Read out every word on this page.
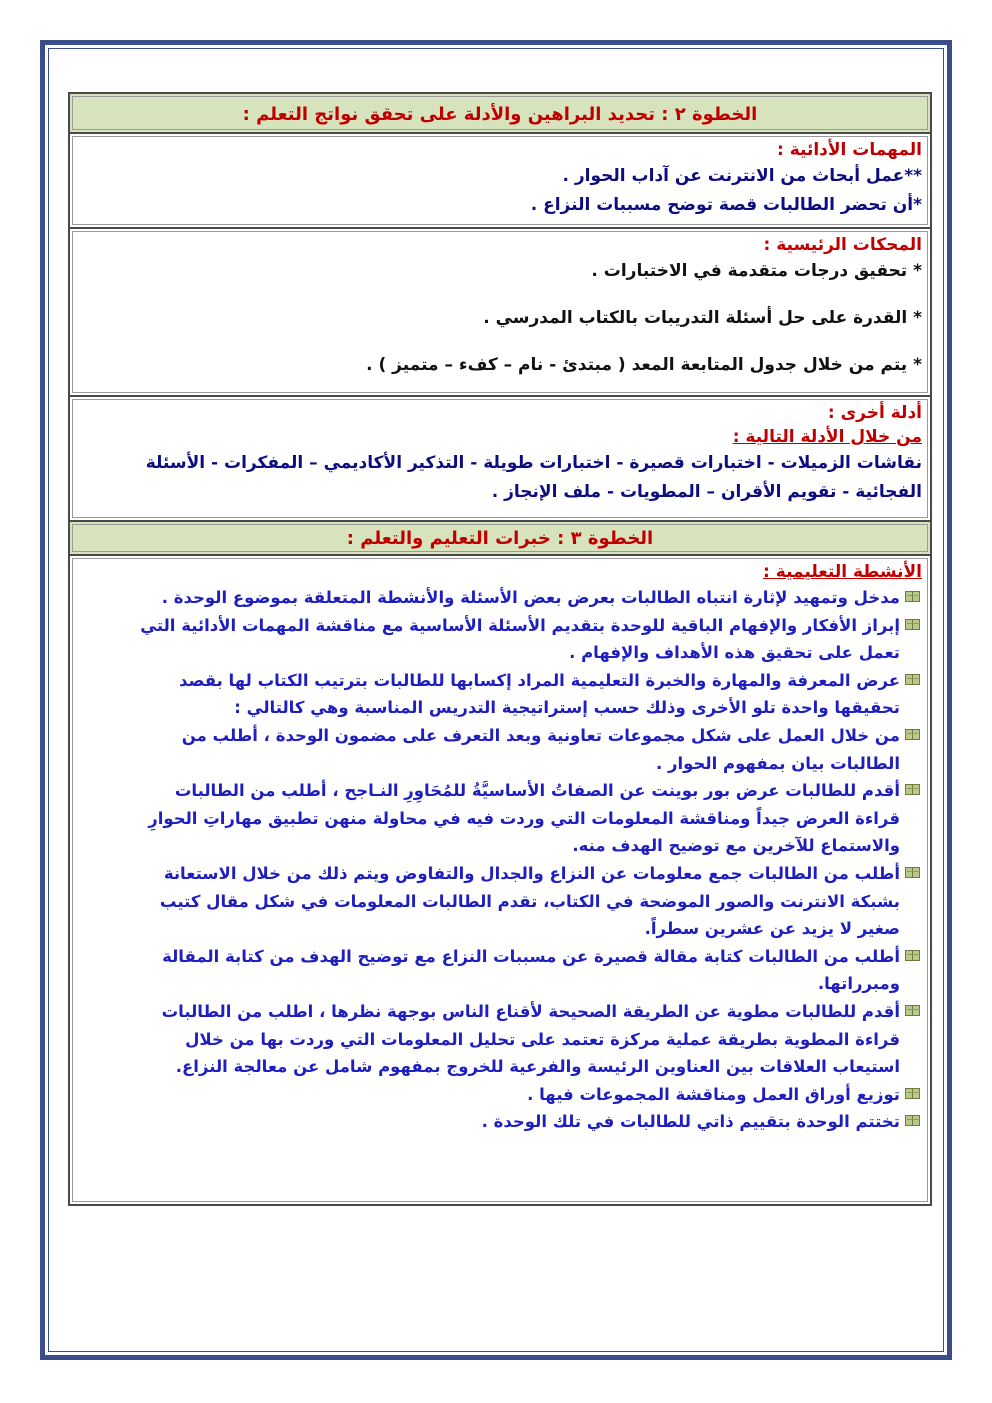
الخطوة ٢ : تحديد البراهين والأدلة على تحقق نواتج التعلم :
المهمات الأدائية :
**عمل أبحاث من الانترنت عن آداب الحوار .
*أن تحضر الطالبات قصة توضح مسببات النزاع .
المحكات الرئيسية :
* تحقيق درجات متقدمة في الاختبارات .
* القدرة على حل أسئلة التدريبات بالكتاب المدرسي .
* يتم من خلال جدول المتابعة المعد ( مبتدئ - نام – كفء – متميز ) .
أدلة أخرى :
من خلال الأدلة التالية :
نقاشات الزميلات - اختبارات قصيرة - اختبارات طويلة - التذكير الأكاديمي – المفكرات - الأسئلة
الفجائية - تقويم الأقران – المطويات - ملف الإنجاز .
الخطوة ٣ : خبرات التعليم والتعلم :
الأنشطة التعليمية :
مدخل وتمهيد لإثارة انتباه الطالبات بعرض بعض الأسئلة والأنشطة المتعلقة بموضوع الوحدة .
إبراز الأفكار والإفهام الباقية للوحدة بتقديم الأسئلة الأساسية مع مناقشة المهمات الأدائية التي
تعمل على تحقيق هذه الأهداف والإفهام .
عرض المعرفة والمهارة والخبرة التعليمية المراد إكسابها للطالبات بترتيب الكتاب لها بقصد
تحقيقها واحدة تلو الأخرى وذلك حسب إستراتيجية التدريس المناسبة وهي كالتالي :
من خلال العمل على شكل مجموعات تعاونية وبعد التعرف على مضمون الوحدة ، أطلب من
الطالبات بيان بمفهوم الحوار .
أقدم للطالبات عرض بور بوينت عن الصفاتُ الأساسيَّةُ للمُحَاوِرِ النـاجح ، أطلب من الطالبات
قراءة العرض جيداً ومناقشة المعلومات التي وردت فيه في محاولة منهن تطبيق مهاراتِ الحوارِ
والاستماع للآخرين مع توضيح الهدف منه.
أطلب من الطالبات جمع معلومات عن النزاع والجدال والتفاوض ويتم ذلك من خلال الاستعانة
بشبكة الانترنت والصور الموضحة في الكتاب، تقدم الطالبات المعلومات في شكل مقال كتيب
صغير لا يزيد عن عشرين سطراً.
أطلب من الطالبات كتابة مقالة قصيرة عن مسببات النزاع مع توضيح الهدف من كتابة المقالة
ومبرراتها.
أقدم للطالبات مطوية عن الطريقة الصحيحة لأقناع الناس بوجهة نظرها ، اطلب من الطالبات
قراءة المطوية بطريقة عملية مركزة تعتمد على تحليل المعلومات التي وردت بها من خلال
استيعاب العلاقات بين العناوين الرئيسة والفرعية للخروج بمفهوم شامل عن معالجة النزاع.
توزيع أوراق العمل ومناقشة المجموعات فيها .
تختتم الوحدة بتقييم ذاتي للطالبات في تلك الوحدة .
